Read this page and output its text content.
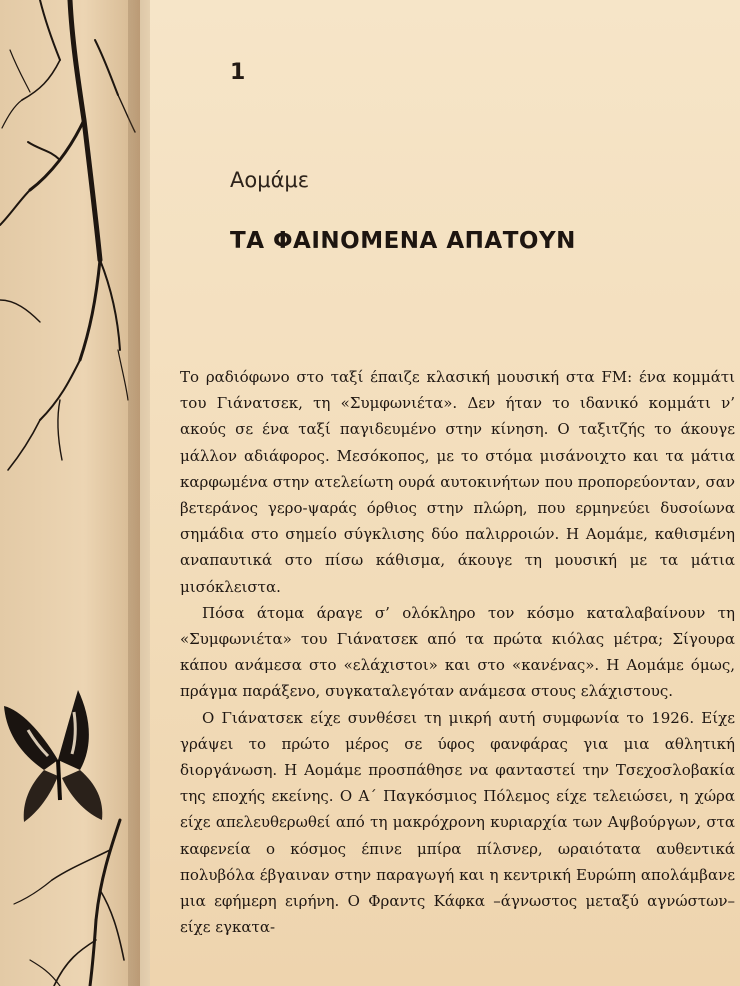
1
Αομάμε
ΤΑ ΦΑΙΝΟΜΕΝΑ ΑΠΑΤΟΥΝ

Το ραδιόφωνο στο ταξί έπαιζε κλασική μουσική στα FM: ένα κομμάτι του Γιάνατσεκ, τη «Συμφωνιέτα». Δεν ήταν το ιδανικό κομμάτι ν’ ακούς σε ένα ταξί παγιδευμένο στην κίνηση. Ο ταξιτζής το άκουγε μάλλον αδιάφορος. Μεσόκοπος, με το στόμα μισάνοιχτο και τα μάτια καρφωμένα στην ατελείωτη ουρά αυτοκινήτων που προπορεύονταν, σαν βετεράνος γερο-ψαράς όρθιος στην πλώρη, που ερμηνεύει δυσοίωνα σημάδια στο σημείο σύγκλισης δύο παλιρροιών. Η Αομάμε, καθισμένη αναπαυτικά στο πίσω κάθισμα, άκουγε τη μουσική με τα μάτια μισόκλειστα.

Πόσα άτομα άραγε σ’ ολόκληρο τον κόσμο καταλαβαίνουν τη «Συμφωνιέτα» του Γιάνατσεκ από τα πρώτα κιόλας μέτρα; Σίγουρα κάπου ανάμεσα στο «ελάχιστοι» και στο «κανένας». Η Αομάμε όμως, πράγμα παράξενο, συγκαταλεγόταν ανάμεσα στους ελάχιστους.

Ο Γιάνατσεκ είχε συνθέσει τη μικρή αυτή συμφωνία το 1926. Είχε γράψει το πρώτο μέρος σε ύφος φανφάρας για μια αθλητική διοργάνωση. Η Αομάμε προσπάθησε να φανταστεί την Τσεχοσλοβακία της εποχής εκείνης. Ο Α΄ Παγκόσμιος Πόλεμος είχε τελειώσει, η χώρα είχε απελευθερωθεί από τη μακρόχρονη κυριαρχία των Αψβούργων, στα καφενεία ο κόσμος έπινε μπίρα πίλσνερ, ωραιότατα αυθεντικά πολυβόλα έβγαιναν στην παραγωγή και η κεντρική Ευρώπη απολάμβανε μια εφήμερη ειρήνη. Ο Φραντς Κάφκα –άγνωστος μεταξύ αγνώστων– είχε εγκατα-
